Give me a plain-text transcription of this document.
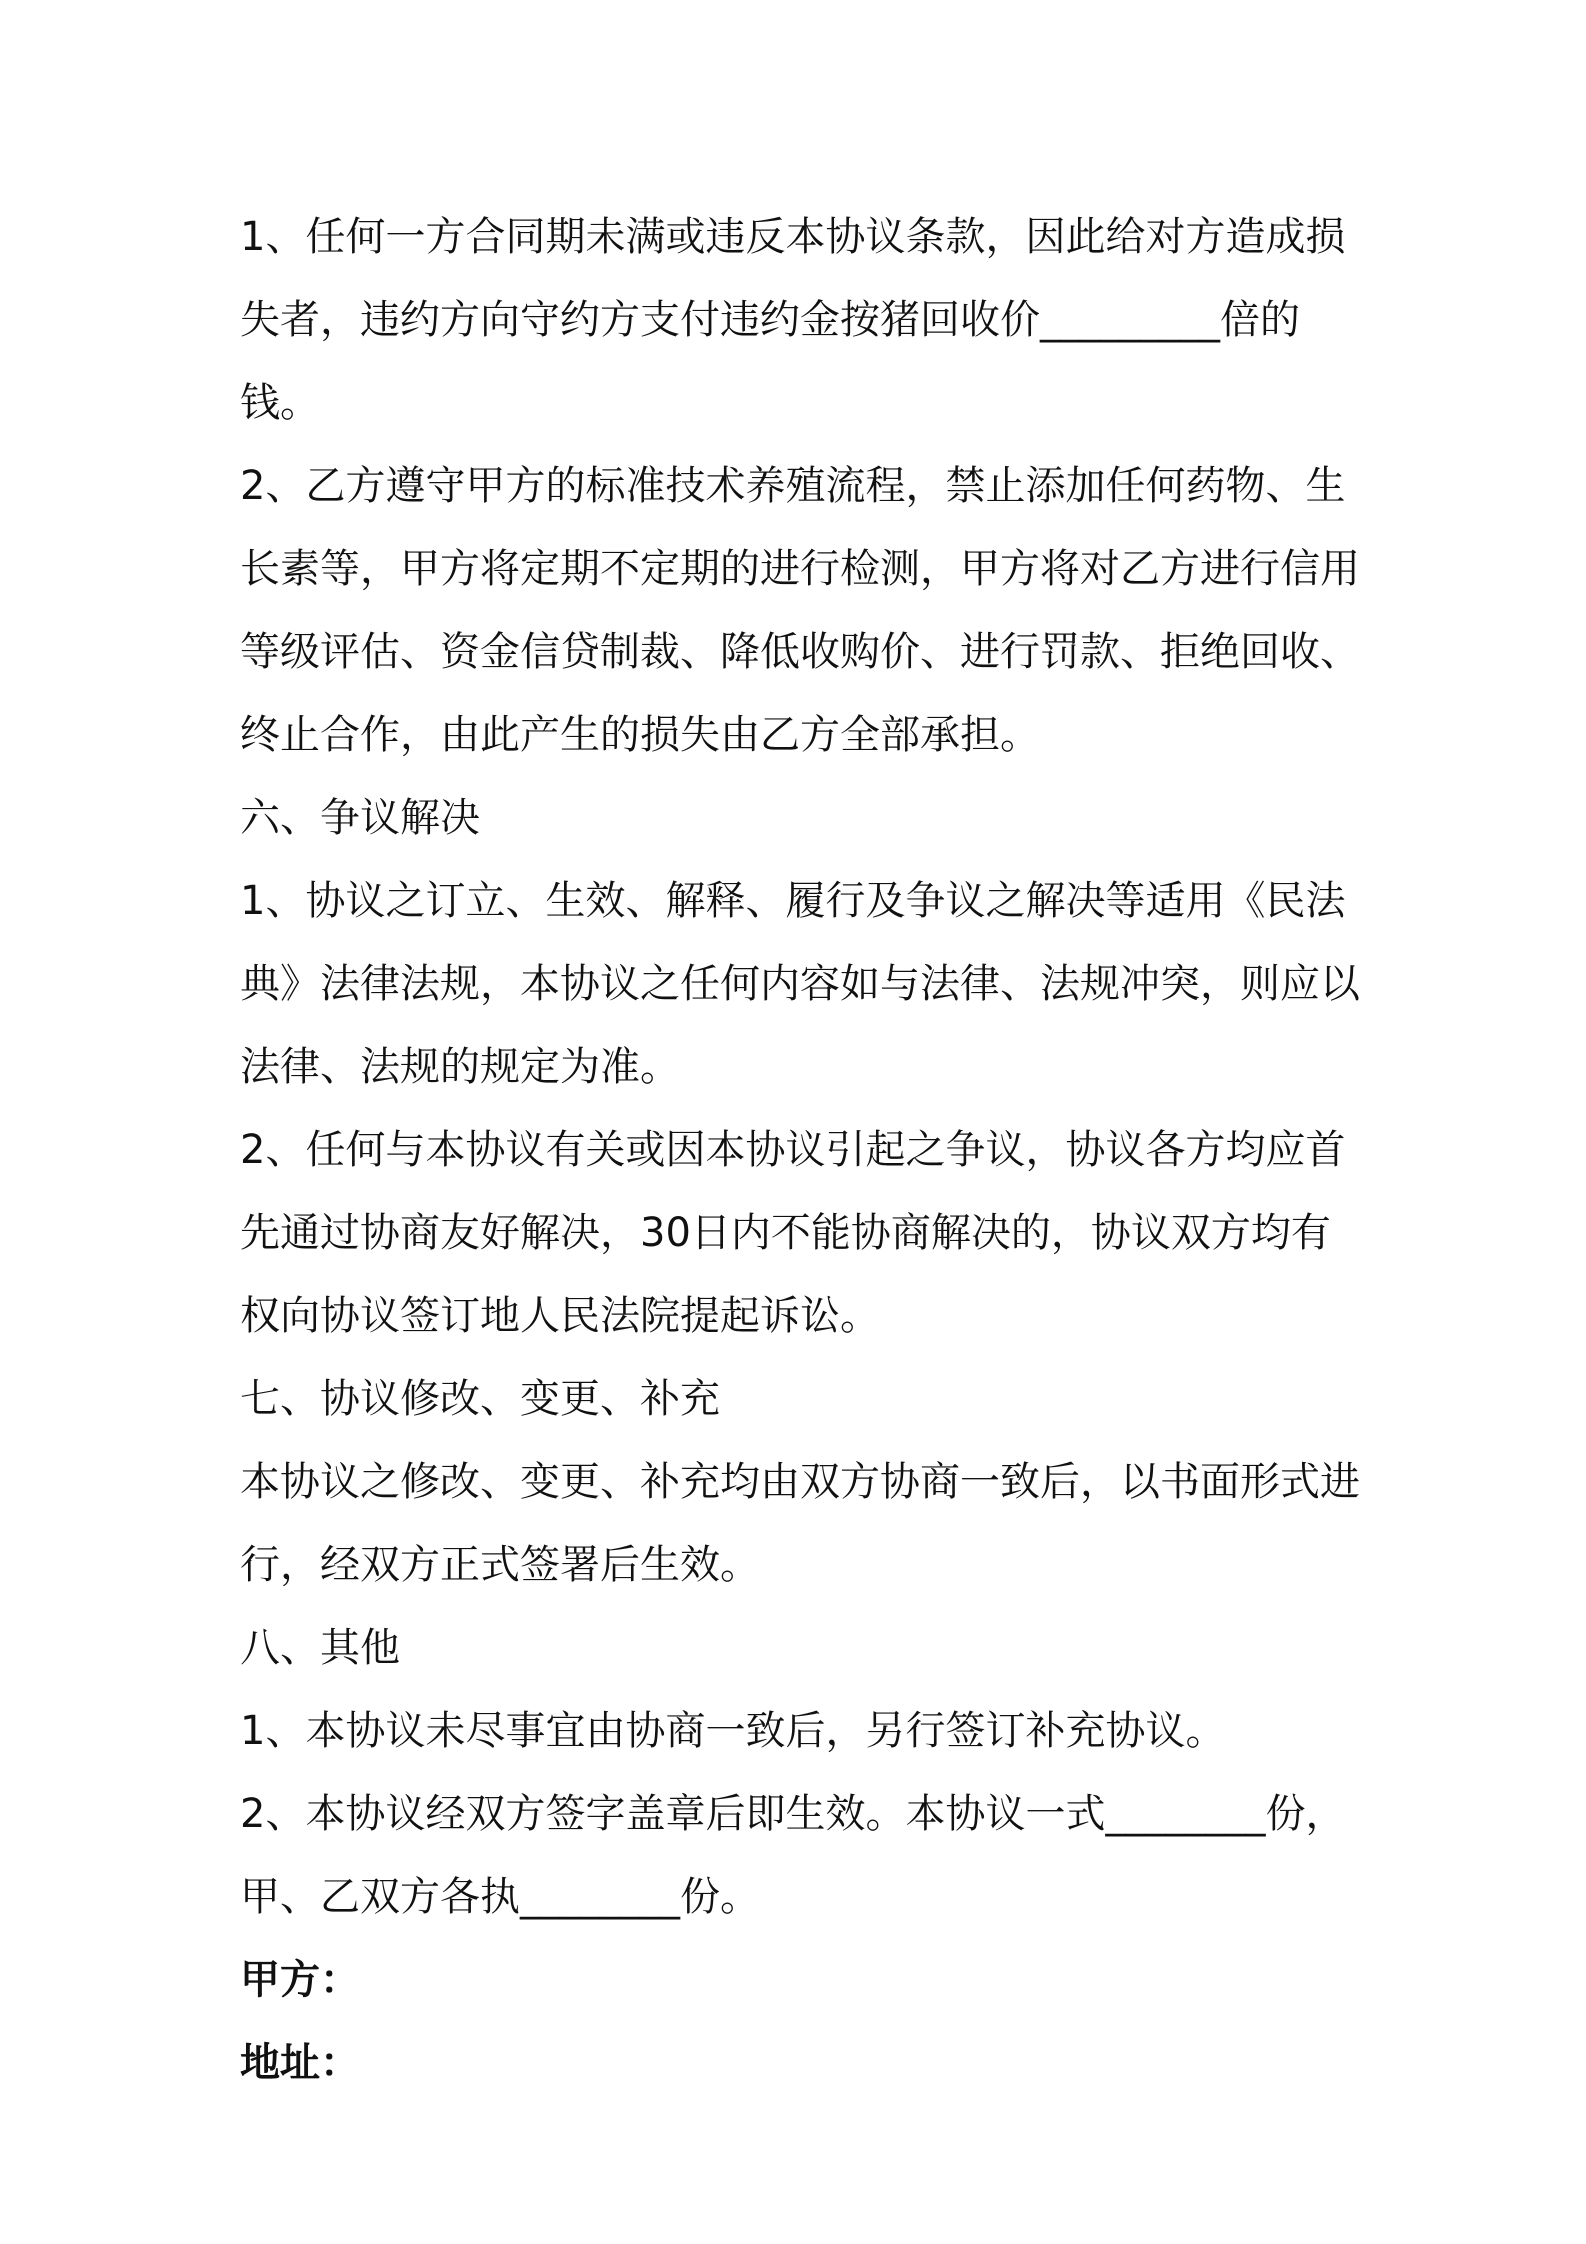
1、任何一方合同期未满或违反本协议条款，因此给对方造成损失者，违约方向守约方支付违约金按猪回收价_________倍的钱。

2、乙方遵守甲方的标准技术养殖流程，禁止添加任何药物、生长素等，甲方将定期不定期的进行检测，甲方将对乙方进行信用等级评估、资金信贷制裁、降低收购价、进行罚款、拒绝回收、终止合作，由此产生的损失由乙方全部承担。

六、争议解决

1、协议之订立、生效、解释、履行及争议之解决等适用《民法典》法律法规，本协议之任何内容如与法律、法规冲突，则应以法律、法规的规定为准。

2、任何与本协议有关或因本协议引起之争议，协议各方均应首先通过协商友好解决，30日内不能协商解决的，协议双方均有权向协议签订地人民法院提起诉讼。

七、协议修改、变更、补充

本协议之修改、变更、补充均由双方协商一致后，以书面形式进行，经双方正式签署后生效。

八、其他

1、本协议未尽事宜由协商一致后，另行签订补充协议。

2、本协议经双方签字盖章后即生效。本协议一式________份，甲、乙双方各执________份。

甲方：

地址：
